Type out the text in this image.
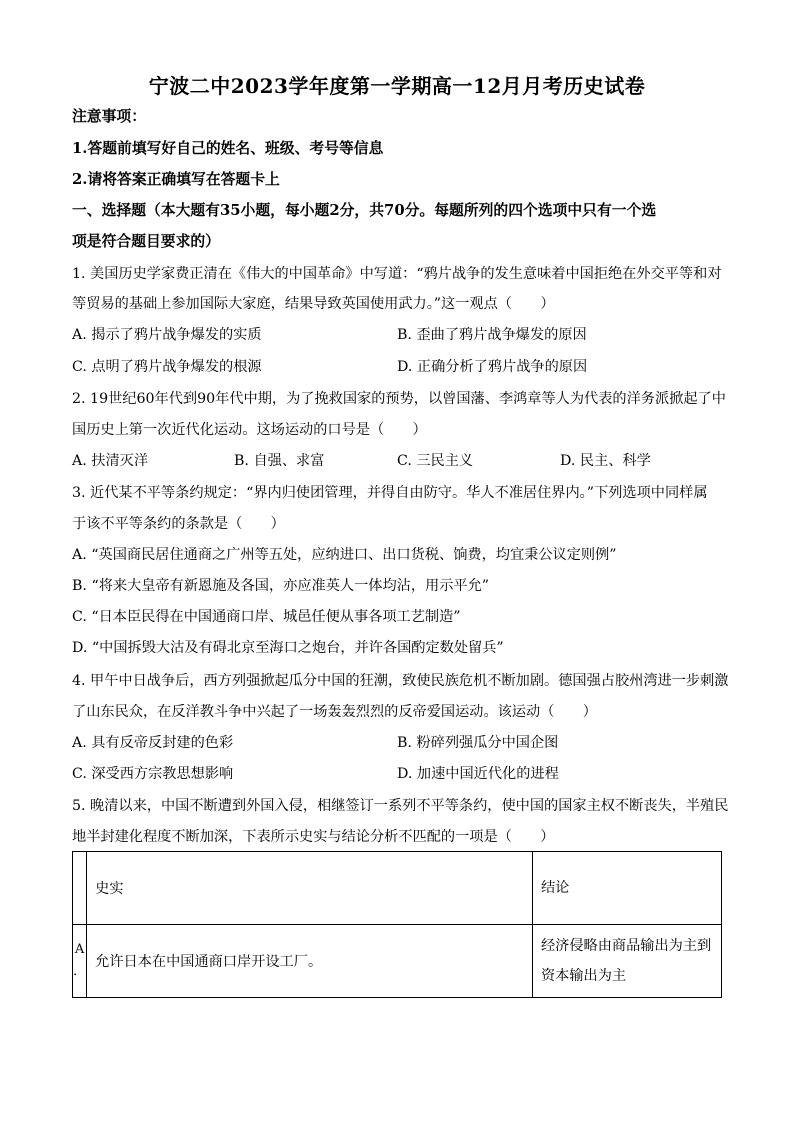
宁波二中2023学年度第一学期高一12月月考历史试卷
注意事项：
1.答题前填写好自己的姓名、班级、考号等信息
2.请将答案正确填写在答题卡上
一、选择题（本大题有35小题，每小题2分，共70分。每题所列的四个选项中只有一个选
项是符合题目要求的）
1. 美国历史学家费正清在《伟大的中国革命》中写道：“鸦片战争的发生意味着中国拒绝在外交平等和对
等贸易的基础上参加国际大家庭，结果导致英国使用武力。”这一观点（　　）
A. 揭示了鸦片战争爆发的实质	B. 歪曲了鸦片战争爆发的原因
C. 点明了鸦片战争爆发的根源	D. 正确分析了鸦片战争的原因
2. 19世纪60年代到90年代中期，为了挽救国家的预势，以曾国藩、李鸿章等人为代表的洋务派掀起了中
国历史上第一次近代化运动。这场运动的口号是（　　）
A. 扶清灭洋	B. 自强、求富	C. 三民主义	D. 民主、科学
3. 近代某不平等条约规定：“界内归使团管理，并得自由防守。华人不准居住界内。”下列选项中同样属
于该不平等条约的条款是（　　）
A. “英国商民居住通商之广州等五处，应纳进口、出口货税、饷费，均宜秉公议定则例”
B. “将来大皇帝有新恩施及各国，亦应准英人一体均沾，用示平允”
C. “日本臣民得在中国通商口岸、城邑任便从事各项工艺制造”
D. “中国拆毁大沽及有碍北京至海口之炮台，并许各国酌定数处留兵”
4. 甲午中日战争后，西方列强掀起瓜分中国的狂潮，致使民族危机不断加剧。德国强占胶州湾进一步刺激
了山东民众，在反洋教斗争中兴起了一场轰轰烈烈的反帝爱国运动。该运动（　　）
A. 具有反帝反封建的色彩	B. 粉碎列强瓜分中国企图
C. 深受西方宗教思想影响	D. 加速中国近代化的进程
5. 晚清以来，中国不断遭到外国入侵，相继签订一系列不平等条约，使中国的国家主权不断丧失，半殖民
地半封建化程度不断加深，下表所示史实与结论分析不匹配的一项是（　　）
	史实	结论

A
．	允许日本在中国通商口岸开设工厂。	经济侵略由商品输出为主到资本输出为主
